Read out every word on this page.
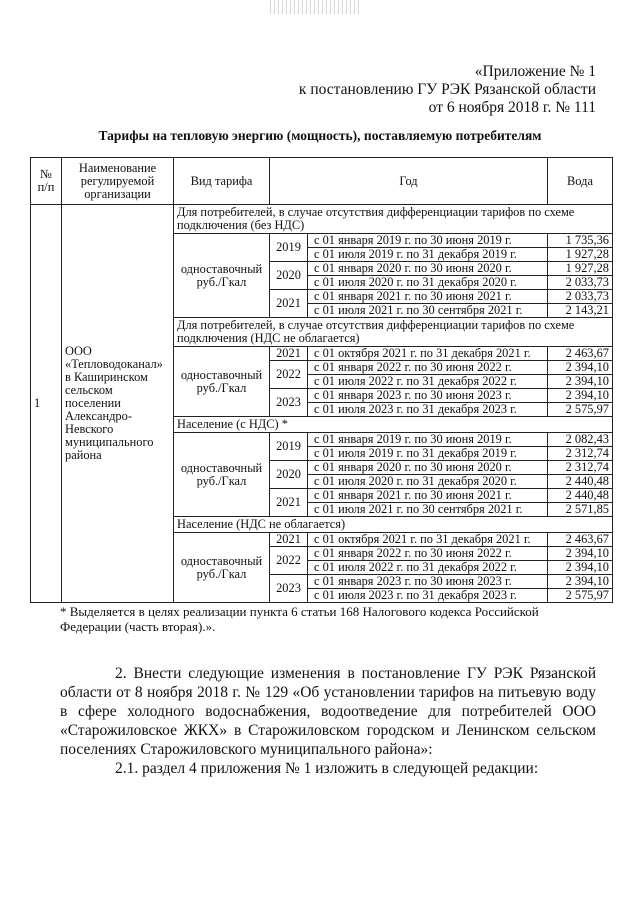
«Приложение № 1
к постановлению ГУ РЭК Рязанской области
от 6 ноября 2018 г. № 111
Тарифы на тепловую энергию (мощность), поставляемую потребителям
№ п/п	Наименование регулируемой организации	Вид тарифа	Год		Вода
1	ООО «Тепловодоканал» в Каширинском сельском поселении Александро-Невского муниципального района	Для потребителей, в случае отсутствия дифференциации тарифов по схеме подключения (без НДС)			
		одноставочный руб./Гкал	2019	с 01 января 2019 г. по 30 июня 2019 г.	1 735,36
				с 01 июля 2019 г. по 31 декабря 2019 г.	1 927,28
			2020	с 01 января 2020 г. по 30 июня 2020 г.	1 927,28
				с 01 июля 2020 г. по 31 декабря 2020 г.	2 033,73
			2021	с 01 января 2021 г. по 30 июня 2021 г.	2 033,73
				с 01 июля 2021 г. по 30 сентября 2021 г.	2 143,21
		Для потребителей, в случае отсутствия дифференциации тарифов по схеме подключения (НДС не облагается)			
		одноставочный руб./Гкал	2021	с 01 октября 2021 г. по 31 декабря 2021 г.	2 463,67
			2022	с 01 января 2022 г. по 30 июня 2022 г.	2 394,10
				с 01 июля 2022 г. по 31 декабря 2022 г.	2 394,10
			2023	с 01 января 2023 г. по 30 июня 2023 г.	2 394,10
				с 01 июля 2023 г. по 31 декабря 2023 г.	2 575,97
		Население (с НДС) *			
		одноставочный руб./Гкал	2019	с 01 января 2019 г. по 30 июня 2019 г.	2 082,43
				с 01 июля 2019 г. по 31 декабря 2019 г.	2 312,74
			2020	с 01 января 2020 г. по 30 июня 2020 г.	2 312,74
				с 01 июля 2020 г. по 31 декабря 2020 г.	2 440,48
			2021	с 01 января 2021 г. по 30 июня 2021 г.	2 440,48
				с 01 июля 2021 г. по 30 сентября 2021 г.	2 571,85
		Население (НДС не облагается)			
		одноставочный руб./Гкал	2021	с 01 октября 2021 г. по 31 декабря 2021 г.	2 463,67
			2022	с 01 января 2022 г. по 30 июня 2022 г.	2 394,10
				с 01 июля 2022 г. по 31 декабря 2022 г.	2 394,10
			2023	с 01 января 2023 г. по 30 июня 2023 г.	2 394,10
				с 01 июля 2023 г. по 31 декабря 2023 г.	2 575,97
* Выделяется в целях реализации пункта 6 статьи 168 Налогового кодекса Российской Федерации (часть вторая).».
2. Внести следующие изменения в постановление ГУ РЭК Рязанской области от 8 ноября 2018 г. № 129 «Об установлении тарифов на питьевую воду в сфере холодного водоснабжения, водоотведение для потребителей ООО «Старожиловское ЖКХ» в Старожиловском городском и Ленинском сельском поселениях Старожиловского муниципального района»:
2.1. раздел 4 приложения № 1 изложить в следующей редакции:
